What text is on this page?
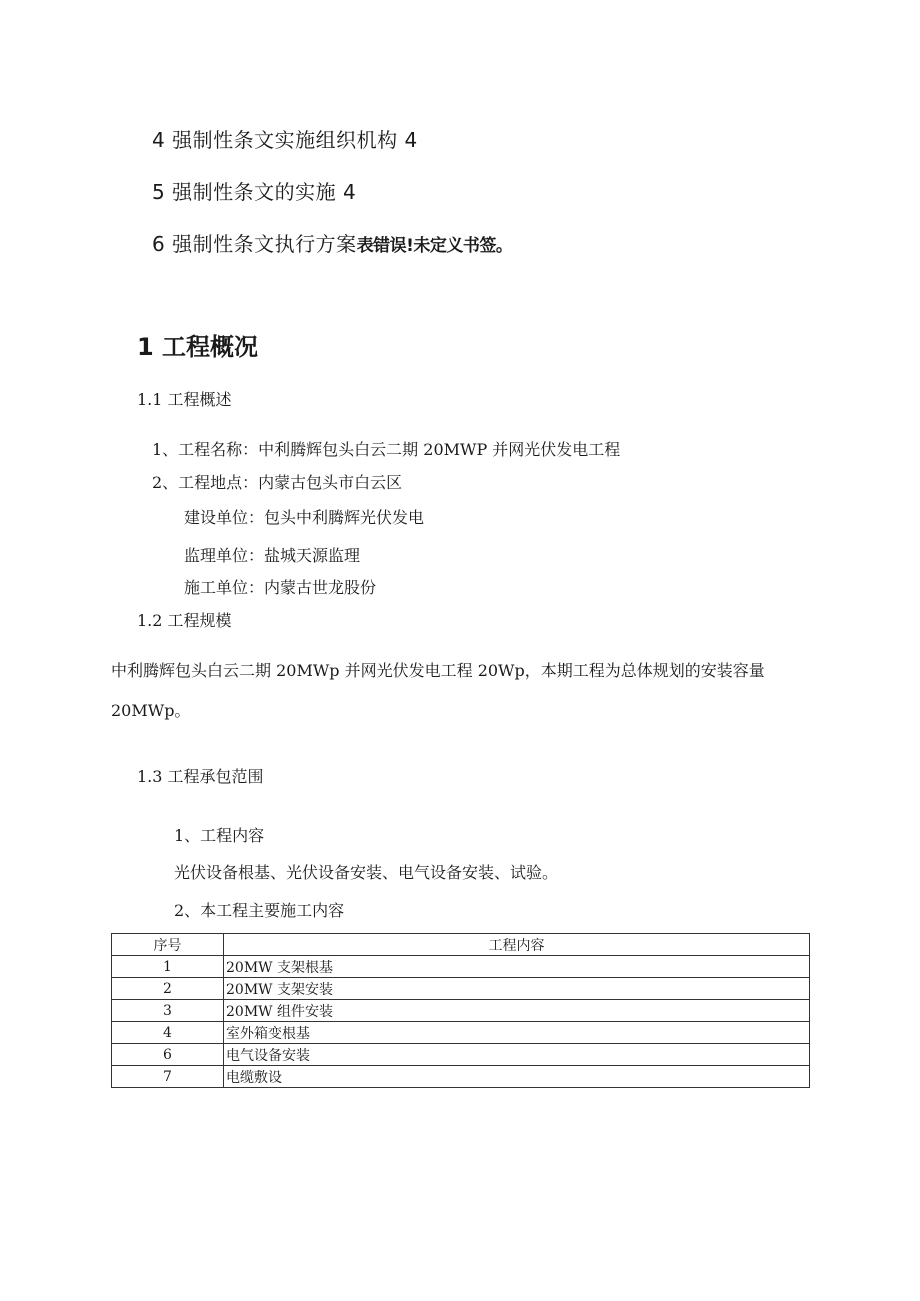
4 强制性条文实施组织机构 4
5 强制性条文的实施 4
6 强制性条文执行方案表错误!未定义书签。
1 工程概况
1.1 工程概述
1、工程名称：中利腾辉包头白云二期 20MWP 并网光伏发电工程
2、工程地点：内蒙古包头市白云区
建设单位：包头中利腾辉光伏发电
监理单位：盐城天源监理
施工单位：内蒙古世龙股份
1.2 工程规模
中利腾辉包头白云二期 20MWp 并网光伏发电工程 20Wp，本期工程为总体规划的安装容量20MWp。
1.3 工程承包范围
1、工程内容
光伏设备根基、光伏设备安装、电气设备安装、试验。
2、本工程主要施工内容
序号	工程内容
1	20MW 支架根基
2	20MW 支架安装
3	20MW 组件安装
4	室外箱变根基
6	电气设备安装
7	电缆敷设
